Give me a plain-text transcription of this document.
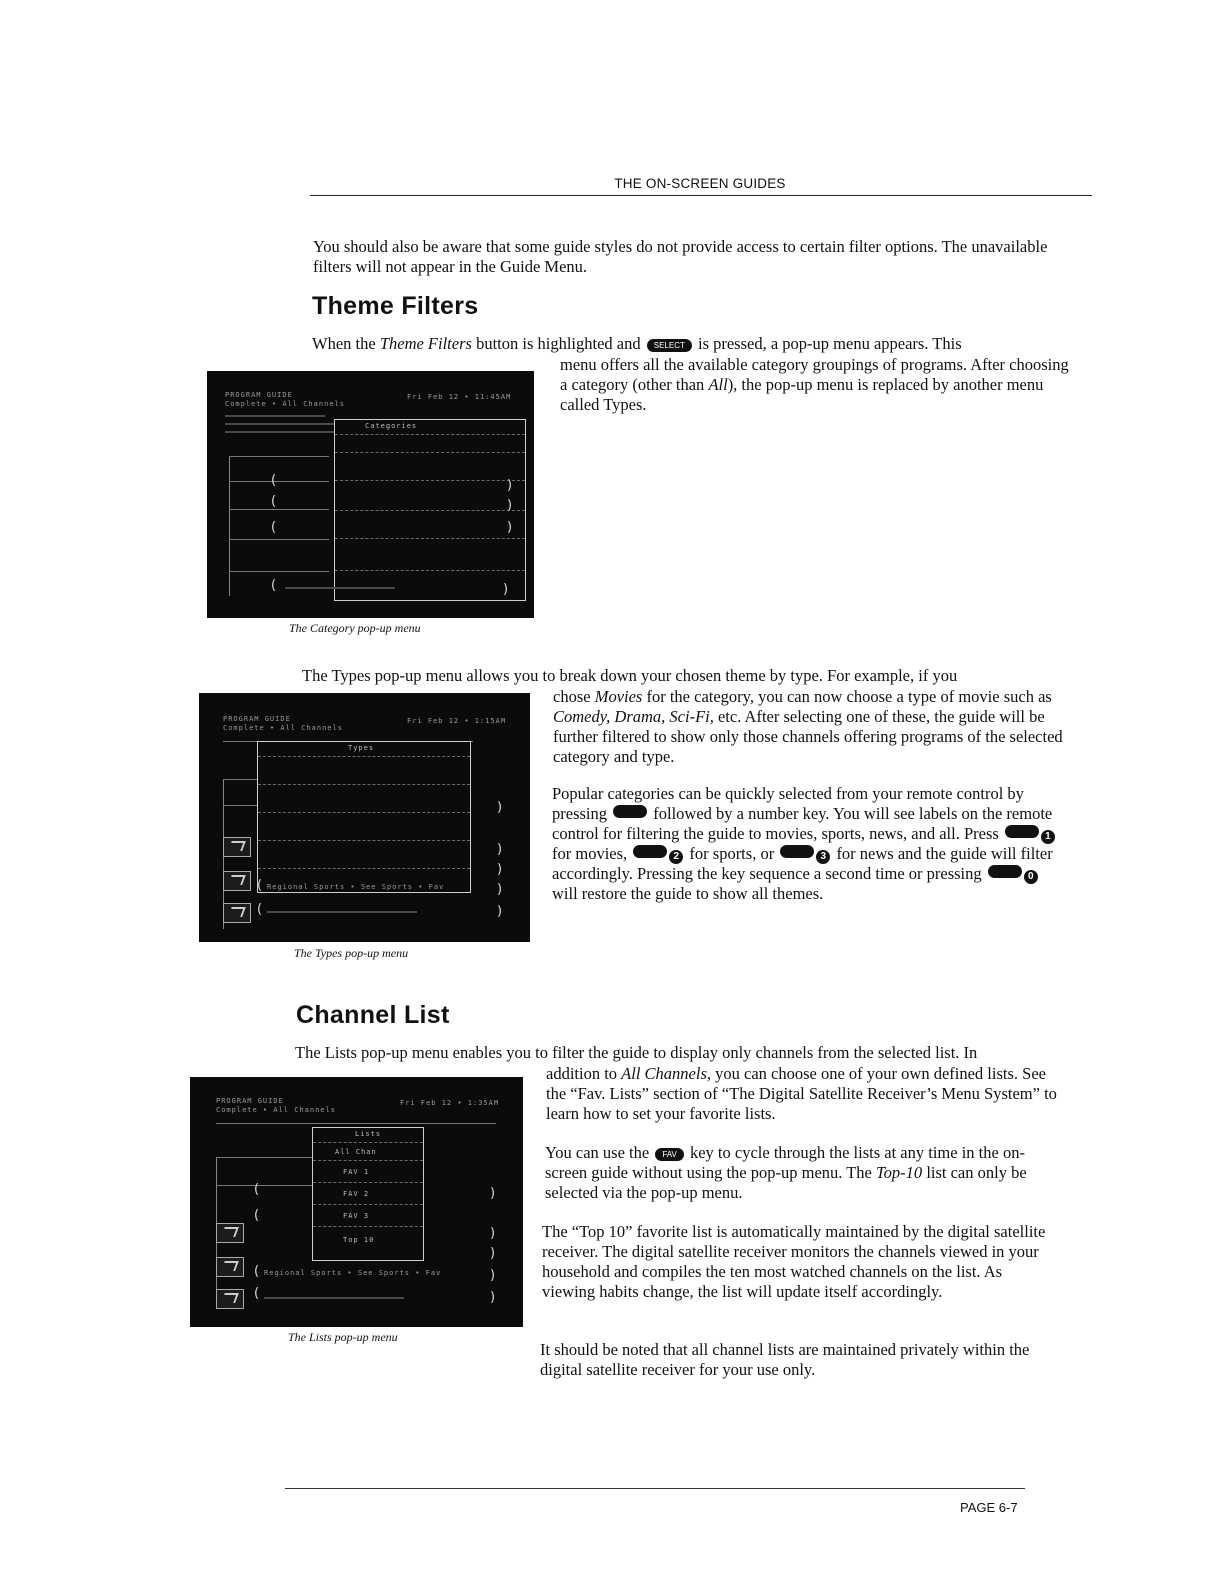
THE ON-SCREEN GUIDES

You should also be aware that some guide styles do not provide access to certain filter options. The unavailable filters will not appear in the Guide Menu.

Theme Filters

When the Theme Filters button is highlighted and SELECT is pressed, a pop-up menu appears. This

menu offers all the available category groupings of programs. After choosing a category (other than All), the pop-up menu is replaced by another menu called Types.

PROGRAM GUIDE
Complete • All Channels
Fri Feb 12 • 11:45AM
Categories
(
(
(
(
)
)
)
)
The Category pop-up menu

The Types pop-up menu allows you to break down your chosen theme by type. For example, if you

chose Movies for the category, you can now choose a type of movie such as Comedy, Drama, Sci-Fi, etc. After selecting one of these, the guide will be further filtered to show only those channels offering programs of the selected category and type.

PROGRAM GUIDE
Complete • All Channels
Fri Feb 12 • 1:15AM
Types
(
(
)
)
)
)
)
Regional Sports • See Sports • Fav
The Types pop-up menu

Popular categories can be quickly selected from your remote control by pressing	followed by a number key. You will see labels on the remote control for filtering the guide to movies, sports, news, and all. Press	1 for movies,	2 for sports, or	3 for news and the guide will filter accordingly. Pressing the key sequence a second time or pressing	0 will restore the guide to show all themes.

Channel List

The Lists pop-up menu enables you to filter the guide to display only channels from the selected list. In

addition to All Channels, you can choose one of your own defined lists. See the “Fav. Lists” section of “The Digital Satellite Receiver’s Menu System” to learn how to set your favorite lists.

You can use the FAV key to cycle through the lists at any time in the on-screen guide without using the pop-up menu. The Top-10 list can only be selected via the pop-up menu.

The “Top 10” favorite list is automatically maintained by the digital satellite receiver. The digital satellite receiver monitors the channels viewed in your household and compiles the ten most watched channels on the list. As viewing habits change, the list will update itself accordingly.

It should be noted that all channel lists are maintained privately within the digital satellite receiver for your use only.

PROGRAM GUIDE
Complete • All Channels
Fri Feb 12 • 1:35AM
Lists
All Chan
FAV 1
FAV 2
FAV 3
Top 10
(
(
(
(
)
)
)
)
)
Regional Sports • See Sports • Fav
The Lists pop-up menu
PAGE 6-7
